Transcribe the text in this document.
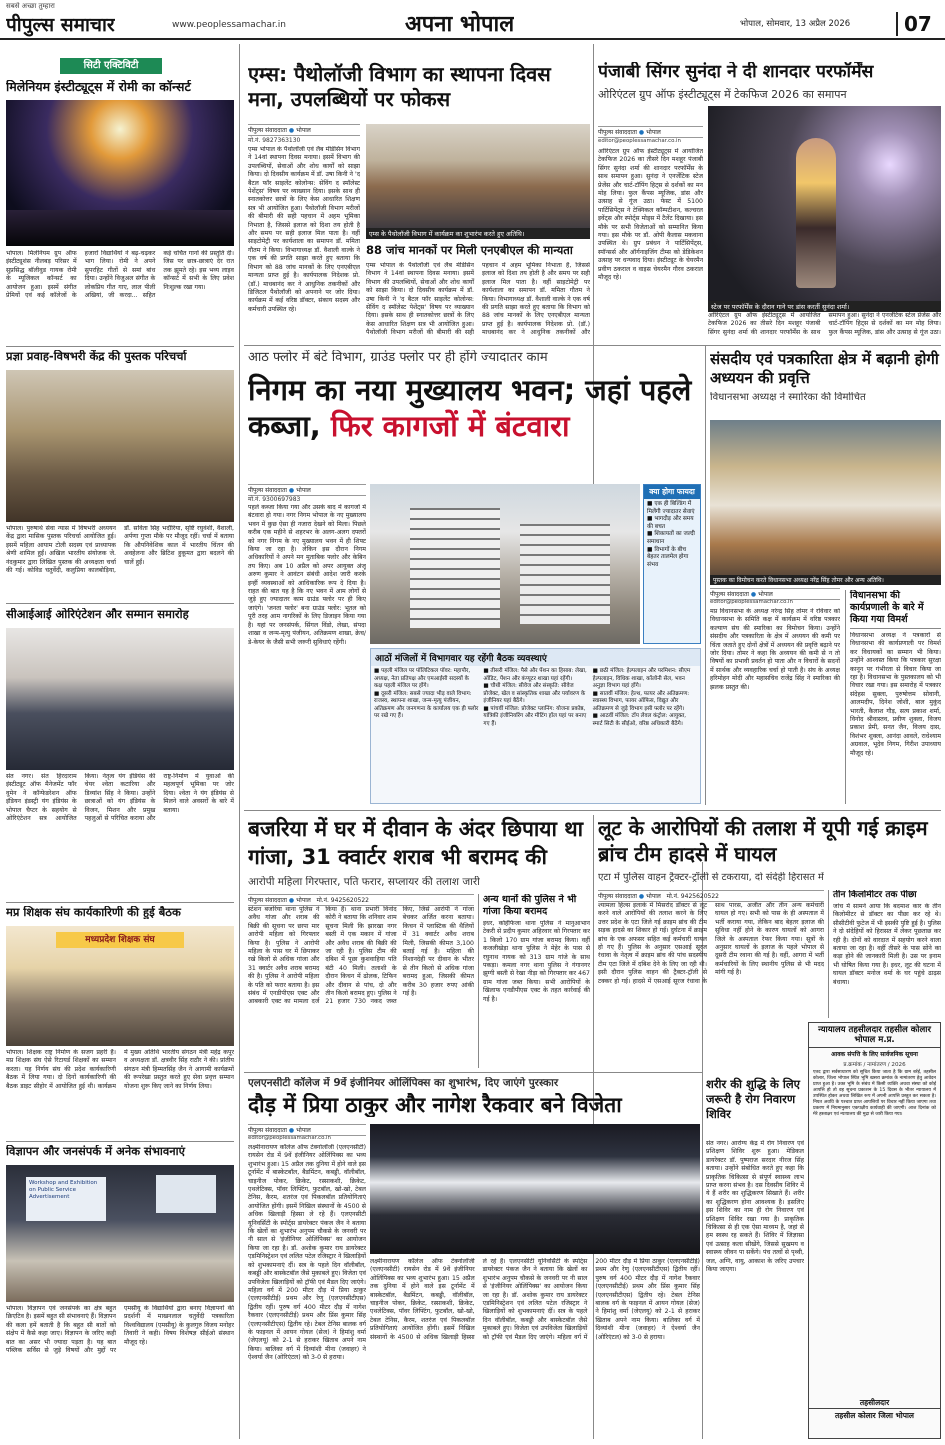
सबसे अच्छा तुम्हारा
पीपुल्स समाचार	www.peoplessamachar.in	अपना भोपाल	भोपाल, सोमवार, 13 अप्रैल 2026	07
सिटी एक्टिविटी
मिलेनियम इंस्टीट्यूट्स में रोमी का कॉन्सर्ट
भोपाल। मिलेनियम ग्रुप ऑफ इंस्टीट्यूशंस नीलबड़ परिसर में सुप्रसिद्ध बॉलीवुड गायक रोमी के म्यूजिकल कॉन्सर्ट का आयोजन हुआ। इसमें संगीत प्रेमियों एवं कई कॉलेजों के हजारों विद्यार्थियों ने बढ़-चढ़कर भाग लिया। रोमी ने अपने सुपरहिट गीतों से समां बांध दिया। उन्होंने विजुअल संगीत के लोकप्रिय गीत गाए, लाल पीली अखियां, जी करदा... सहित कई चर्चित गानों की प्रस्तुति दी। जिस पर छात्र-छात्राएं देर रात तक झूमते रहे। इस भव्य लाइव कॉन्सर्ट में सभी के लिए प्रवेश निःशुल्क रखा गया।
प्रज्ञा प्रवाह-विषभरी केंद्र की पुस्तक परिचर्चा
भोपाल। पुरुषार्थ सेवा न्यास में विषभरी अध्ययन केंद्र द्वारा मासिक पुस्तक परिचर्चा आयोजित हुई। इसमें महिला आयाम टोली सदस्य एवं प्राध्यापक श्रेणी शामिल हुईं। अखिल भारतीय संयोजक जे. नंदकुमार द्वारा लिखित पुस्तक की अध्यक्षता चर्चा की गई। कोविड चतुर्वेदी, कलुप्रिया कालबोड़िया, डॉ. सविता सिंह भदौरिया, सृष्टि रघुवंशी, वैशाली, अर्पणा गुप्ता मौके पर मौजूद रहीं। चर्चा में बताया कि औपनिवेशिक काल में भारतीय चिंतन की अवहेलना और ब्रिटिश हुकूमत द्वारा बदलने की चालें हुईं।
सीआईआई ओरिएंटेशन और सम्मान समारोह
संत नगर। संत हिरदाराम इंस्टीट्यूट ऑफ मैनेजमेंट फॉर वुमेन ने कॉन्फेडरेशन ऑफ इंडियन इंडस्ट्री यंग इंडियंस के भोपाल चैप्टर के सहयोग से ओरिएंटेशन सत्र आयोजित किया। नेतृत्व यंग इंडियंस की चेयर श्वेता कटारिया और डिव्यांश सिंह ने किया। उन्होंने छात्राओं को यंग इंडियंस के विजन, मिशन और प्रमुख पहलुओं से परिचित कराया और राष्ट्र-निर्माण में युवाओं की महत्वपूर्ण भूमिका पर जोर दिया। श्वेता ने यंग इंडियंस से मिलने वाले अवसरों के बारे में बताया।
मप्र शिक्षक संघ कार्यकारिणी की हुई बैठक
मध्यप्रदेश शिक्षक संघ
भोपाल। शिक्षक राष्ट्र निर्माण के सजग प्रहरी हैं। मप्र शिक्षक संघ ऐसे रिटायर्ड शिक्षकों का सम्मान करता। यह निर्णय संघ की प्रदेश कार्यकारिणी बैठक में लिया गया। दो दिनों कार्यकारिणी की बैठक डाइट सीहोर में आयोजित हुई थी। कार्यक्रम में मुख्य अतिथि भारतीय संगठन मंत्री महेंद्र कपूर व अध्यक्षता डॉ. क्षत्रवीर सिंह राठौर ने की। प्रांतीय संगठन मंत्री हिम्मतसिंह जैन ने आगामी कार्यक्रमों की रूपरेखा प्रस्तुत करते हुए सेवा प्रवृत्त सम्मान योजना शुरू किए जाने का निर्णय लिया।
विज्ञापन और जनसंपर्क में अनेक संभावनाएं
Workshop and Exhibition on Public Service Advertisement
भोपाल। विज्ञापन एवं जनसंपर्क का क्षेत्र बहुत क्रिएटिव है। इसमें बहुत सी संभावनाएं हैं। विज्ञापन की कला हमें बताती है कि बहुत सी बातों को संक्षेप में कैसे कहा जाए। विज्ञापन के जरिए कही बात का असर भी ज्यादा पड़ता है। यह बात पब्लिक सर्विस से जुड़े विषयों और मुद्दों पर एमसीयू के विद्यार्थियों द्वारा बनाए विज्ञापनों की प्रदर्शनी में माखनलाल चतुर्वेदी पत्रकारिता विश्वविद्यालय (एमसीयू) के कुलगुरु विजय मनोहर तिवारी ने कही। विषय विशेषज्ञ सीईओ संस्थान मौजूद रहे।
एम्स: पैथोलॉजी विभाग का स्थापना दिवस मना, उपलब्धियों पर फोकस
पीपुल्स संवाददाता ● भोपाल
मो.नं. 9827363130
एम्स भोपाल के पैथोलॉजी एवं लैब मेडिसिन विभाग ने 14वां स्थापना दिवस मनाया। इसमें विभाग की उपलब्धियों, सेवाओं और शोध कार्यों को साझा किया। दो दिवसीय कार्यक्रम में डॉ. उषा किनी ने 'द बैटल फॉर साइलेंट कोलोन्स: सेविंग द स्मॉलेस्ट पेशेंट्स' विषय पर व्याख्यान दिया। इसके साथ ही स्नातकोत्तर छात्रों के लिए केस आधारित शिक्षण सत्र भी आयोजित हुआ। पैथोलॉजी विभाग मरीजों की बीमारी की सही पहचान में अहम भूमिका निभाता है, जिससे इलाज को दिशा तय होती है और समय पर सही इलाज मिल पाता है। वहीं साइटोमेट्री पर कार्यशाला का समापन डॉ. ममिता गौतम ने किया। विभागाध्यक्ष डॉ. वैशाली वाल्के ने एक वर्ष की प्रगति साझा करते हुए बताया कि विभाग को 88 जांच मानकों के लिए एनएबीएल मान्यता प्राप्त हुई है। कार्यपालक निदेशक प्रो. (डॉ.) माधबानंद कर ने आधुनिक तकनीकों और डिजिटल पैथोलॉजी को अपनाने पर जोर दिया। कार्यक्रम में कई वरिष्ठ डॉक्टर, संकाय सदस्य और कर्मचारी उपस्थित रहे।
एम्स के पैथोलॉजी विभाग में कार्यक्रम का शुभारंभ करते हुए अतिथि।
88 जांच मानकों पर मिली एनएबीएल की मान्यता
एम्स भोपाल के पैथोलॉजी एवं लैब मेडिसिन विभाग ने 14वां स्थापना दिवस मनाया। इसमें विभाग की उपलब्धियों, सेवाओं और शोध कार्यों को साझा किया। दो दिवसीय कार्यक्रम में डॉ. उषा किनी ने 'द बैटल फॉर साइलेंट कोलोन्स: सेविंग द स्मॉलेस्ट पेशेंट्स' विषय पर व्याख्यान दिया। इसके साथ ही स्नातकोत्तर छात्रों के लिए केस आधारित शिक्षण सत्र भी आयोजित हुआ। पैथोलॉजी विभाग मरीजों की बीमारी की सही पहचान में अहम भूमिका निभाता है, जिससे इलाज को दिशा तय होती है और समय पर सही इलाज मिल पाता है। वहीं साइटोमेट्री पर कार्यशाला का समापन डॉ. ममिता गौतम ने किया। विभागाध्यक्ष डॉ. वैशाली वाल्के ने एक वर्ष की प्रगति साझा करते हुए बताया कि विभाग को 88 जांच मानकों के लिए एनएबीएल मान्यता प्राप्त हुई है। कार्यपालक निदेशक प्रो. (डॉ.) माधबानंद कर ने आधुनिक तकनीकों और
पंजाबी सिंगर सुनंदा ने दी शानदार परफॉर्मेंस
ओरिएंटल ग्रुप ऑफ इंस्टीट्यूट्स में टेकफिज 2026 का समापन
पीपुल्स संवाददाता ● भोपाल
editor@peoplessamachar.co.in
ओरिएंटल ग्रुप ऑफ इंस्टीट्यूट्स में आयोजित टेकफिज 2026 का तीसरे दिन मशहूर पंजाबी सिंगर सुनंदा शर्मा की शानदार परफॉर्मेंस के साथ समापन हुआ। सुनंदा ने एनर्जेटिक स्टेज प्रेजेंस और चार्ट-टॉपिंग हिट्स से दर्शकों का मन मोह लिया। फुल कैंपस म्यूजिक, डांस और उत्साह से गूंज उठा। फेस्ट में 5100 पार्टिसिपेंट्स ने टेक्निकल कॉम्पटीशन, कल्चरल इवेंट्स और स्पोर्ट्स मोड्स में टैलेंट दिखाया। इस मौके पर सभी विजेताओं को सम्मानित किया गया। इस मौके पर डॉ. ओपी कैलास मकवाना उपस्थित थे। ग्रुप प्रबंधन ने पार्टिसिपेंट्स, स्पॉन्सर्स और ऑर्गनाइजिंग टीम्स को डेडिकेशन उत्साह पर धन्यवाद दिया। इंस्टीट्यूट के चेयरमैन प्रवीण ठकराल व वाइस चेयरमैन गौरव ठकराल मौजूद रहे।
स्टेज पर परफॉर्मेंस के दौरान गाने पर डांस करतीं सुनंदा शर्मा।
ओरिएंटल ग्रुप ऑफ इंस्टीट्यूट्स में आयोजित टेकफिज 2026 का तीसरे दिन मशहूर पंजाबी सिंगर सुनंदा शर्मा की शानदार परफॉर्मेंस के साथ समापन हुआ। सुनंदा ने एनर्जेटिक स्टेज प्रेजेंस और चार्ट-टॉपिंग हिट्स से दर्शकों का मन मोह लिया। फुल कैंपस म्यूजिक, डांस और उत्साह से गूंज उठा।
आठ फ्लोर में बंटे विभाग, ग्राउंड फ्लोर पर ही होंगे ज्यादातर काम
निगम का नया मुख्यालय भवन; जहां पहले कब्जा, फिर कागजों में बंटवारा
पीपुल्स संवाददाता ● भोपाल
मो.नं. 9300697983
पहले कब्जा किया गया और उसके बाद में कागजों में बंटवारा हो गया। नगर निगम भोपाल के नए मुख्यालय भवन में कुछ ऐसा ही नजारा देखने को मिला। पिछले करीब एक महीने से शहरभर के अलग-अलग दफ्तरों को नगर निगम के नए मुख्यालय भवन में ही शिफ्ट किया जा रहा है। लेकिन इस दौरान निगम अधिकारियों ने अपने मन मुताबिक फ्लोर और केबिन तय किए। अब 10 अप्रैल को अपर आयुक्त अंजू अरुण कुमार ने आवंटन संबंधी आदेश जारी करके इन्हीं व्यवस्थाओं को आधिकारिक रूप दे दिया है। राहत की बात यह है कि नए भवन में आम लोगों से जुड़े हुए ज्यादातर काम ग्राउंड फ्लोर पर ही किए जाएंगे। 'जनता फ्लोर' बना ग्राउंड फ्लोर: भूतल को पूरी तरह आम नागरिकों के लिए डिजाइन किया गया है। यहां पर जनसंपर्क, सिंगल विंडो, लेखा, संपदा शाखा व जन्म-मृत्यु पंजीयन, अतिक्रमण शाखा, क्रेच/डे-केयर के जैसी सभी जरूरी सुविधाएं रहेंगी।
क्या होगा फायदा
■ एक ही बिल्डिंग में मिलेंगी ज्यादातर सेवाएं
■ भागदौड़ और समय की बचत
■ शिकायतों का जल्दी समाधान
■ विभागों के बीच बेहतर तालमेल होगा संभव
आठों मंजिलों में विभागवार यह रहेंगी बैठक व्यवस्थाएं
■ पहली मंजिल पर पॉलिटिकल पॉवर: महापौर, अध्यक्ष, नेता प्रतिपक्ष और एमआईसी सदस्यों के कक्ष पहली मंजिल पर होंगे।
■ दूसरी मंजिल: सबसे ज्यादा भीड़ वाले विभाग: राजस्व, स्थापना शाखा, जन्म-मृत्यु पंजीयन, अतिक्रमण और जनगणना के कार्यालय एक ही फ्लोर पर रखे गए हैं।
■ तीसरी मंजिल: पैसे और पेंशन का हिसाब: लेखा, ऑडिट, पेंशन और कंप्यूटर शाखा यहां रहेंगी।
■ चौथी मंजिल: सीवेज और संस्कृति: सीवेज प्रोजेक्ट, खेल व सांस्कृतिक शाखा और पर्यावरण के इंजीनियर यहां बैठेंगे।
■ पांचवीं मंजिल: प्रोजेक्ट प्लानिंग: योजना प्रकोष्ठ, यांत्रिकी इंजीनियरिंग और मीटिंग हॉल यहां पर बनाए गए हैं।
■ छठी मंजिल: हेल्पलाइन और परमिशन: सीएम हेल्पलाइन, विधिक शाखा, कॉलोनी सेल, भवन अनुज्ञा विभाग यहां होंगे।
■ सातवीं मंजिल: हेल्थ, फायर और अतिक्रमण: स्वास्थ्य विभाग, फायर ऑफिस, विद्युत और अतिक्रमण से जुड़े विभाग इसी फ्लोर पर रहेंगे।
■ आठवीं मंजिल: टॉप लेवल कंट्रोल: आयुक्त, स्मार्ट सिटी के सीईओ, वरिष्ठ अधिकारी बैठेंगे।
संसदीय एवं पत्रकारिता क्षेत्र में बढ़ानी होगी अध्ययन की प्रवृत्ति
विधानसभा अध्यक्ष ने स्मारिका की विमोचित
पुस्तक का विमोचन करते विधानसभा अध्यक्ष नरेंद्र सिंह तोमर और अन्य अतिथि।
पीपुल्स संवाददाता ● भोपाल
editor@peoplessamachar.co.in
मप्र विधानसभा के अध्यक्ष नरेन्द्र सिंह तोमर ने रविवार को विधानसभा के समिति कक्ष में कार्यक्रम में वरिष्ठ पत्रकार कल्याण संघ की स्मारिका का विमोचन किया। उन्होंने संसदीय और पत्रकारिता के क्षेत्र में अध्ययन की कमी पर चिंता जताते हुए दोनों क्षेत्रों में अध्ययन की प्रवृत्ति बढ़ाने पर जोर दिया। तोमर ने कहा कि अध्ययन की कमी से न तो विषयों का प्रभावी प्रवर्तन हो पाता और न विचारों के सदनों में सार्थक और व्यवहारिक चर्चा हो पाती है। संघ के अध्यक्ष हरिमोहन मोदी और महासचिव राजेंद्र सिंह ने स्मारिका की झलक प्रस्तुत की।
विधानसभा की कार्यप्रणाली के बारे में किया गया विमर्श
विधानसभा अध्यक्ष ने पत्रकारों से विधानसभा की कार्यप्रणाली पर विमर्श कर विधायकों का सम्मान भी किया। उन्होंने आश्वस्त किया कि पत्रकार सुरक्षा कानून पर गंभीरता से विचार किया जा रहा है। विधानसभा के पुस्तकालय को भी विचार रखा गया। इस समारोह में पत्रकार संदेहस सुक्ला, पुरुषोत्तम सोवानी, आलमदीप, दिनेश जोशी, बाल मुकुंद भारती, कैलाश गौड़, सत्य प्रकाश शर्मा, विनोद श्रीवास्तव, प्रवीण शुक्ला, विजय प्रकाश प्रेमी, सनत जैन, विजय दास, विशंभर शुक्ला, आनंदा आवले, राधेश्याम अग्रवाल, भूदेव निगम, गिरीश उपाध्याय मौजूद रहे।
बजरिया में घर में दीवान के अंदर छिपाया था गांजा, 31 क्वार्टर शराब भी बरामद की
आरोपी महिला गिरफ्तार, पति फरार, सप्लायर की तलाश जारी
पीपुल्स संवाददाता ● भोपाल मो.नं. 9425620522
स्टेशन बजरिया थाना पुलिस ने अवैध गांजा और शराब की बिक्री की सूचना पर छापा मार आरोपी महिला को गिरफ्तार किया है। पुलिस ने आरोपी महिला के पास घर में छिपाकर रखे किलो से अधिक गांजा और 31 क्वार्टर अवैध शराब बरामद की है। पुलिस ने आरोपी महिला के पति को फरार बताया है। इस संबंध में एनडीपीएस एक्ट और आबकारी एक्ट का मामला दर्ज किया है। थाना प्रभारी विनोद कोरी ने बताया कि शनिवार शाम सूचना मिली कि झारखा नगर बस्ती में एक मकान में गांजा और अवैध शराब की बिक्री की जा रही है। पुलिस टीम की दबिश में पूछा कुशवाहिया पति बंटी 40 मिली। तलाशी के दौरान किचन में ढोलक, टिफिन और दीवान से पांच, दो और तीन किलो बरामद हुए। पुलिस ने 21 हजार 730 नकद जब्त किए, जिसे आरोपी ने गांजा बेचकर अर्जित करना बताया। किचन में प्लास्टिक की थैलियों में 31 क्वार्टर अवैध शराब मिली, जिसकी कीमत 3,100 बताई गई है। महिला की निशानदेही पर दीवान के भीतर से तीन किलो से अधिक गांजा बरामद हुआ, जिसकी कीमत करीब 30 हजार रुपए आंकी गई है।
अन्य थानों की पुलिस ने भी गांजा किया बरामद
इधर, कोहेफिजा थाना पुलिस ने मानुआभान टेकरी से प्रदीप कुमार अहिरवार को गिरफ्तार कर 1 किलो 170 ग्राम गांजा बरामद किया। वहीं कजलीखेड़ा थाना पुलिस ने मेहेर के पास से रघुनाथ नायक को 313 ग्राम गांजे के साथ पकड़ा। कमला नगर थाना पुलिस ने गंगानगर झुग्गी बस्ती से रेखा नीड़ा को गिरफ्तार कर 467 ग्राम गांजा जब्त किया। सभी आरोपियों के खिलाफ एनडीपीएस एक्ट के तहत कार्रवाई की गई है।
लूट के आरोपियों की तलाश में यूपी गई क्राइम ब्रांच टीम हादसे में घायल
एटा में पुलिस वाहन ट्रैक्टर-ट्रॉली से टकराया, दो संदेही हिरासत में
पीपुल्स संवाददाता ● भोपाल मो.नं. 9425620522
श्यामला हिल्स इलाके में मिसरोद डॉक्टर से लूट करने वाले आरोपियों की तलाश करने के लिए उत्तर प्रदेश के एटा जिले गई क्राइम ब्रांच की टीम सड़क हादसे का शिकार हो गई। दुर्घटना में क्राइम ब्रांच के एक अफसर सहित कई कर्मचारी घायल हो गए हैं। पुलिस के अनुसार एसआई सूरज रंधावा के नेतृत्व में क्राइम ब्रांच की पांच सदस्यीय टीम एटा जिले में दबिश देने के लिए जा रही थी। इसी दौरान पुलिस वाहन की ट्रैक्टर-ट्रॉली से टक्कर हो गई। हादसे में एसआई सूरज रंधावा के साथ पारस, अजीत और तीन अन्य कर्मचारी घायल हो गए। सभी को पास के ही अस्पताल में भर्ती कराया गया, लेकिन बाद बेहतर इलाज की सुविधा नहीं होने के कारण घायलों को आगरा जिले के अस्पताल रेफर किया गया। सूत्रों के अनुसार घायलों के इलाज के पहले भोपाल से दूसरी टीम रवाना की गई है। वहीं, आगरा में भर्ती कर्मचारियों के लिए स्थानीय पुलिस से भी मदद मांगी गई है।
तीन किलोमीटर तक पीछा
जांच में सामने आया कि बदमाश कार के तीन किलोमीटर से डॉक्टर का पीछा कर रहे थे। सीसीटीवी फुटेज में भी इसकी पुष्टि हुई है। पुलिस ने दो संदेहियों को हिरासत में लेकर पूछताछ कर रही है। दोनों को वारदात में सहयोग करने वाला बताया जा रहा है। वहीं तीसरे के पास सोने का कड़ा होने की जानकारी मिली है। उस पर इनाम भी घोषित किया गया है। इधर, लूट की घटना में घायल डॉक्टर मनोज वर्मा के घर पहुंचे ढाढ़स बंधाया।
न्यायालय तहसीलदार तहसील कोलार भोपाल म.प्र.
आवक संपत्ति के लिए सार्वजनिक सूचना
प्र.क्रमांक / नामांतरण / 2026
एतद द्वारा सर्वसाधारण को सूचित किया जाता है कि ग्राम बर्रई, तहसील कोलार, जिला भोपाल स्थित भूमि खसरा क्रमांक के नामांतरण हेतु आवेदन प्राप्त हुआ है। उक्त भूमि के संबंध में किसी व्यक्ति अथवा संस्था को कोई आपत्ति हो तो वह सूचना प्रकाशन के 15 दिवस के भीतर न्यायालय में उपस्थित होकर अथवा लिखित रूप में अपनी आपत्ति प्रस्तुत कर सकता है। नियत अवधि के पश्चात प्राप्त आपत्तियों पर विचार नहीं किया जाएगा तथा प्रकरण में नियमानुसार एकपक्षीय कार्यवाही की जाएगी। आज दिनांक को मेरे हस्ताक्षर एवं न्यायालय की मुद्रा से जारी किया गया।
तहसीलदार
तहसील कोलार जिला भोपाल
एलएनसीटी कॉलेज में 9वें इंजीनियर ओलिंपिक्स का शुभारंभ, दिए जाएंगे पुरस्कार
दौड़ में प्रिया ठाकुर और नागेश रैकवार बने विजेता
पीपुल्स संवाददाता ● भोपाल
editor@peoplessamachar.co.in
लक्ष्मीनारायण कॉलेज ऑफ टेक्नोलॉजी (एलएनसीटी) रायसेन रोड में 9वें इंजीनियर ओलिंपिक्स का भव्य शुभारंभ हुआ। 15 अप्रैल तक दुनिया में होने वाले इस टूर्नामेंट में बास्केटबॉल, बैडमिंटन, कबड्डी, वॉलीबॉल, चाइनीज पोकर, क्रिकेट, रस्साकशी, क्रिकेट, एथलेटिक्स, पॉवर लिफ्टिंग, फुटबॉल, खो-खो, टेबल टेनिस, कैरम, शतरंज एवं पिकलबॉल प्रतियोगिताएं आयोजित होंगी। इसमें निखिल संस्थानों के 4500 से अधिक खिलाड़ी हिस्सा ले रहे हैं। एलएनसीटी यूनिवर्सिटी के स्पोर्ट्स डायरेक्टर पंकज जैन ने बताया कि खेलों का शुभारंभ अनुपम चौकसे के जनवरी पर नी साल से 'इंजीनियर ओलिंपिक्स' का आयोजन किया जा रहा है। डॉ. अशोक कुमार राय डायरेक्टर एडमिनिस्ट्रेशन एवं ललित पटेल रजिस्ट्रार ने खिलाड़ियों को शुभकामनाएं दीं। सत्र के पहले दिन वॉलीबॉल, कबड्डी और बास्केटबॉल जैसे मुकाबले हुए। विजेता एवं उपविजेता खिलाड़ियों को ट्रॉफी एवं मैडल दिए जाएंगे। महिला वर्ग में 200 मीटर दौड़ में प्रिया ठाकुर (एलएनसीटीई) प्रथम और रेणु (एलएनसीटीएस) द्वितीय रहीं। पुरुष वर्ग 400 मीटर दौड़ में नागेश रैकवार (एलएनसीटीई) प्रथम और प्रिंस कुमार सिंह (एलएनसीटीएस) द्वितीय रहे। टेबल टेनिस बालक वर्ग के फाइनल में आयन गोयल (सेज) ने हिमांशु वर्मा (जेएलयू) को 2-1 से हराकर खिताब अपने नाम किया। बालिका वर्ग में दिव्यांशी मीना (जवाहर) ने ऐश्वर्या जैन (ओरिएंटल) को 3-0 से हराया।
लक्ष्मीनारायण कॉलेज ऑफ टेक्नोलॉजी (एलएनसीटी) रायसेन रोड में 9वें इंजीनियर ओलिंपिक्स का भव्य शुभारंभ हुआ। 15 अप्रैल तक दुनिया में होने वाले इस टूर्नामेंट में बास्केटबॉल, बैडमिंटन, कबड्डी, वॉलीबॉल, चाइनीज पोकर, क्रिकेट, रस्साकशी, क्रिकेट, एथलेटिक्स, पॉवर लिफ्टिंग, फुटबॉल, खो-खो, टेबल टेनिस, कैरम, शतरंज एवं पिकलबॉल प्रतियोगिताएं आयोजित होंगी। इसमें निखिल संस्थानों के 4500 से अधिक खिलाड़ी हिस्सा ले रहे हैं। एलएनसीटी यूनिवर्सिटी के स्पोर्ट्स डायरेक्टर पंकज जैन ने बताया कि खेलों का शुभारंभ अनुपम चौकसे के जनवरी पर नी साल से 'इंजीनियर ओलिंपिक्स' का आयोजन किया जा रहा है। डॉ. अशोक कुमार राय डायरेक्टर एडमिनिस्ट्रेशन एवं ललित पटेल रजिस्ट्रार ने खिलाड़ियों को शुभकामनाएं दीं। सत्र के पहले दिन वॉलीबॉल, कबड्डी और बास्केटबॉल जैसे मुकाबले हुए। विजेता एवं उपविजेता खिलाड़ियों को ट्रॉफी एवं मैडल दिए जाएंगे। महिला वर्ग में 200 मीटर दौड़ में प्रिया ठाकुर (एलएनसीटीई) प्रथम और रेणु (एलएनसीटीएस) द्वितीय रहीं। पुरुष वर्ग 400 मीटर दौड़ में नागेश रैकवार (एलएनसीटीई) प्रथम और प्रिंस कुमार सिंह (एलएनसीटीएस) द्वितीय रहे। टेबल टेनिस बालक वर्ग के फाइनल में आयन गोयल (सेज) ने हिमांशु वर्मा (जेएलयू) को 2-1 से हराकर खिताब अपने नाम किया। बालिका वर्ग में दिव्यांशी मीना (जवाहर) ने ऐश्वर्या जैन (ओरिएंटल) को 3-0 से हराया।
शरीर की शुद्धि के लिए जरूरी है रोग निवारण शिविर
संत नगर। आरोग्य केंद्र में रोग निवारण एवं प्रशिक्षण शिविर शुरू हुआ। मेडिकल डायरेक्टर डॉ. पुष्पराज सरदार नीरज सिंह बताया। उन्होंने संबोधित करते हुए कहा कि प्राकृतिक चिकित्सा से संपूर्ण स्वास्थ्य लाभ प्राप्त करना संभव है। दस दिवसीय शिविर में ये हैं शरीर का शुद्धिकरण सिखाते हैं। शरीर का शुद्धिकरण होना आवश्यक है। इसलिए इस शिविर का नाम ही रोग निवारण एवं प्रशिक्षण शिविर रखा गया है। प्राकृतिक चिकित्सा से ही एक ऐसा माध्यम है, जहां से हम स्वस्थ रह सकते हैं। शिविर में जिज्ञासा एवं उत्साह कला सीखेंगे, जिससे सुखमय व स्वास्थ्य जीवन पा सकेंगे। पंच तत्वों से पृथ्वी, जल, अग्नि, वायु, आकाश के जरिए उपचार किया जाएगा।
